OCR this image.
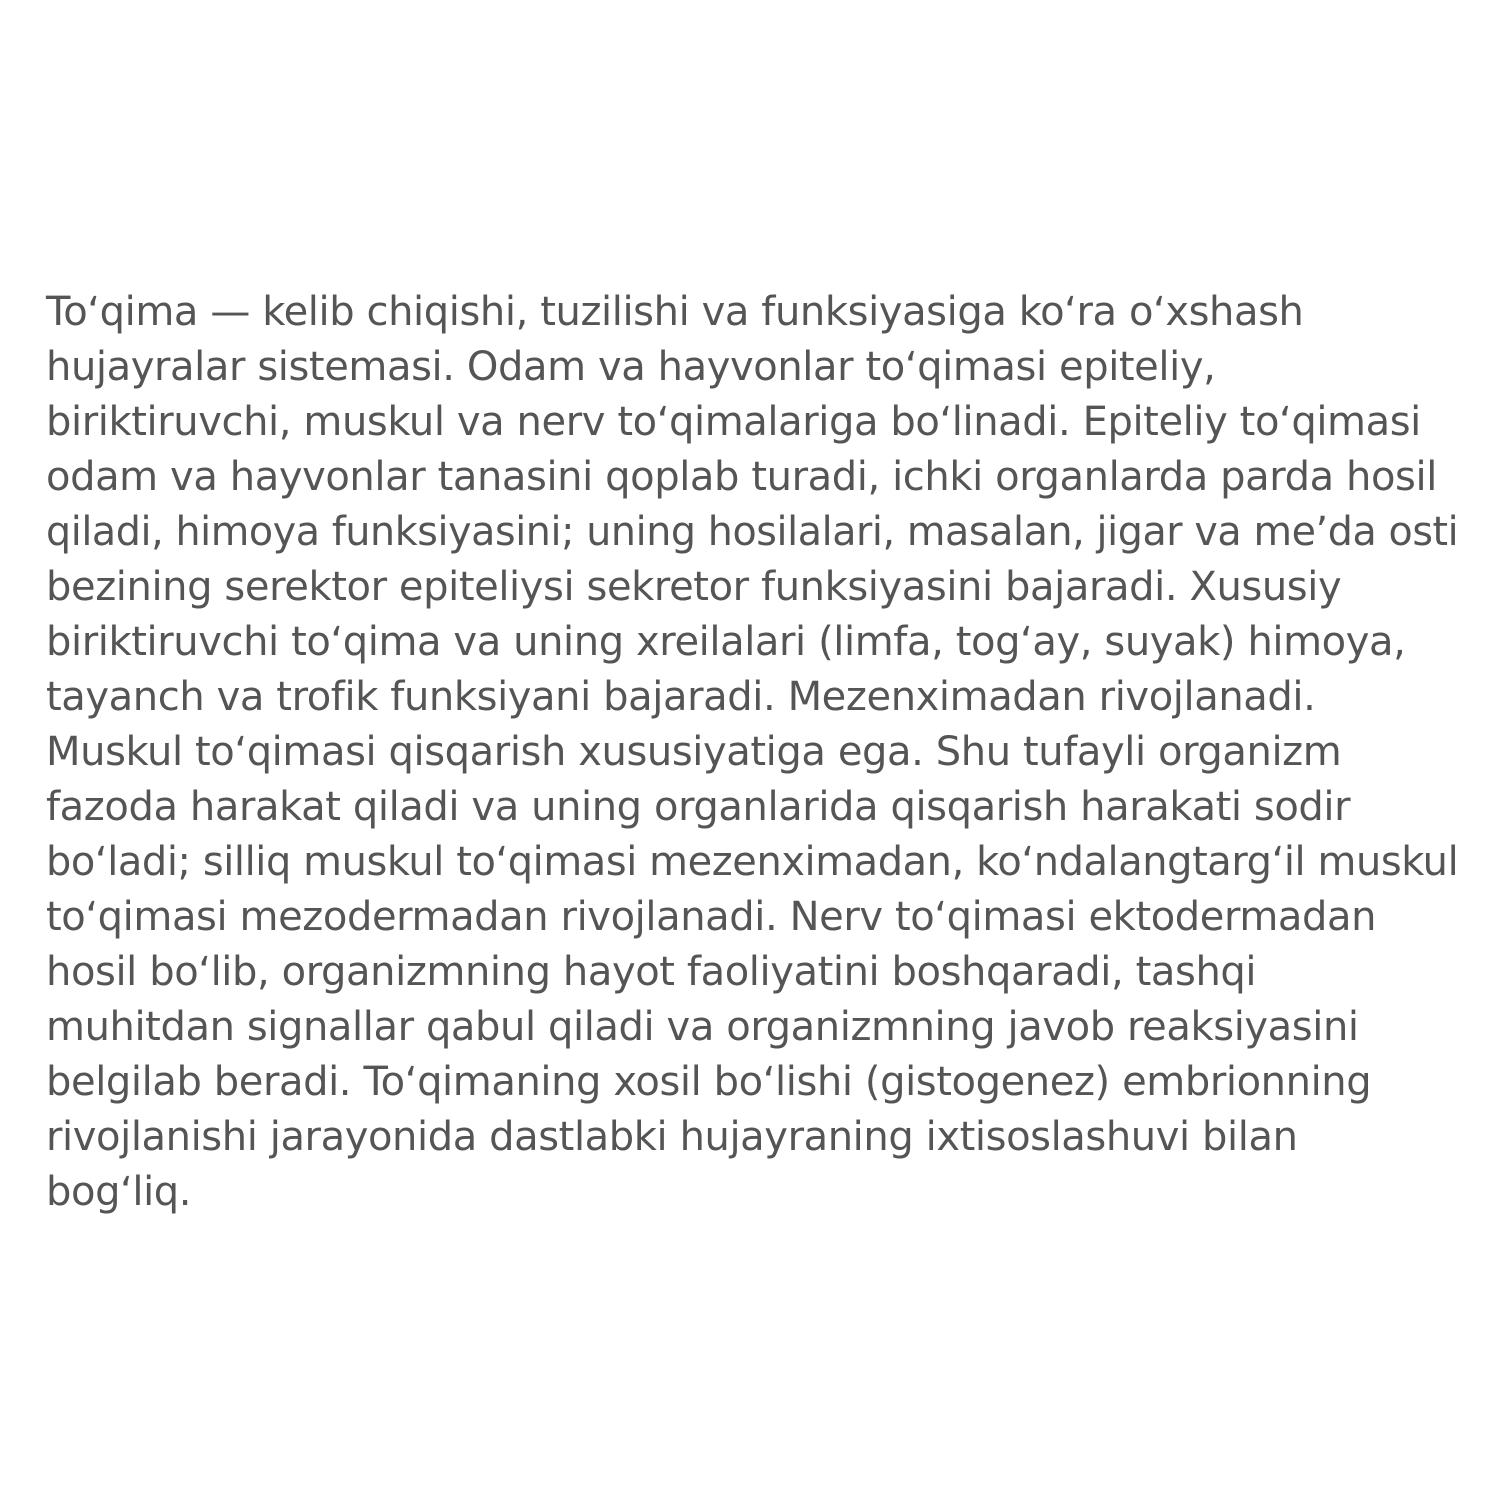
To‘qima — kelib chiqishi, tuzilishi va funksiyasiga ko‘ra o‘xshash
hujayralar sistemasi. Odam va hayvonlar to‘qimasi epiteliy,
biriktiruvchi, muskul va nerv to‘qimalariga bo‘linadi. Epiteliy to‘qimasi
odam va hayvonlar tanasini qoplab turadi, ichki organlarda parda hosil
qiladi, himoya funksiyasini; uning hosilalari, masalan, jigar va me’da osti
bezining serektor epiteliysi sekretor funksiyasini bajaradi. Xususiy
biriktiruvchi to‘qima va uning xreilalari (limfa, tog‘ay, suyak) himoya,
tayanch va trofik funksiyani bajaradi. Mezenximadan rivojlanadi.
Muskul to‘qimasi qisqarish xususiyatiga ega. Shu tufayli organizm
fazoda harakat qiladi va uning organlarida qisqarish harakati sodir
bo‘ladi; silliq muskul to‘qimasi mezenximadan, ko‘ndalangtarg‘il muskul
to‘qimasi mezodermadan rivojlanadi. Nerv to‘qimasi ektodermadan
hosil bo‘lib, organizmning hayot faoliyatini boshqaradi, tashqi
muhitdan signallar qabul qiladi va organizmning javob reaksiyasini
belgilab beradi. To‘qimaning xosil bo‘lishi (gistogenez) embrionning
rivojlanishi jarayonida dastlabki hujayraning ixtisoslashuvi bilan
bog‘liq.
